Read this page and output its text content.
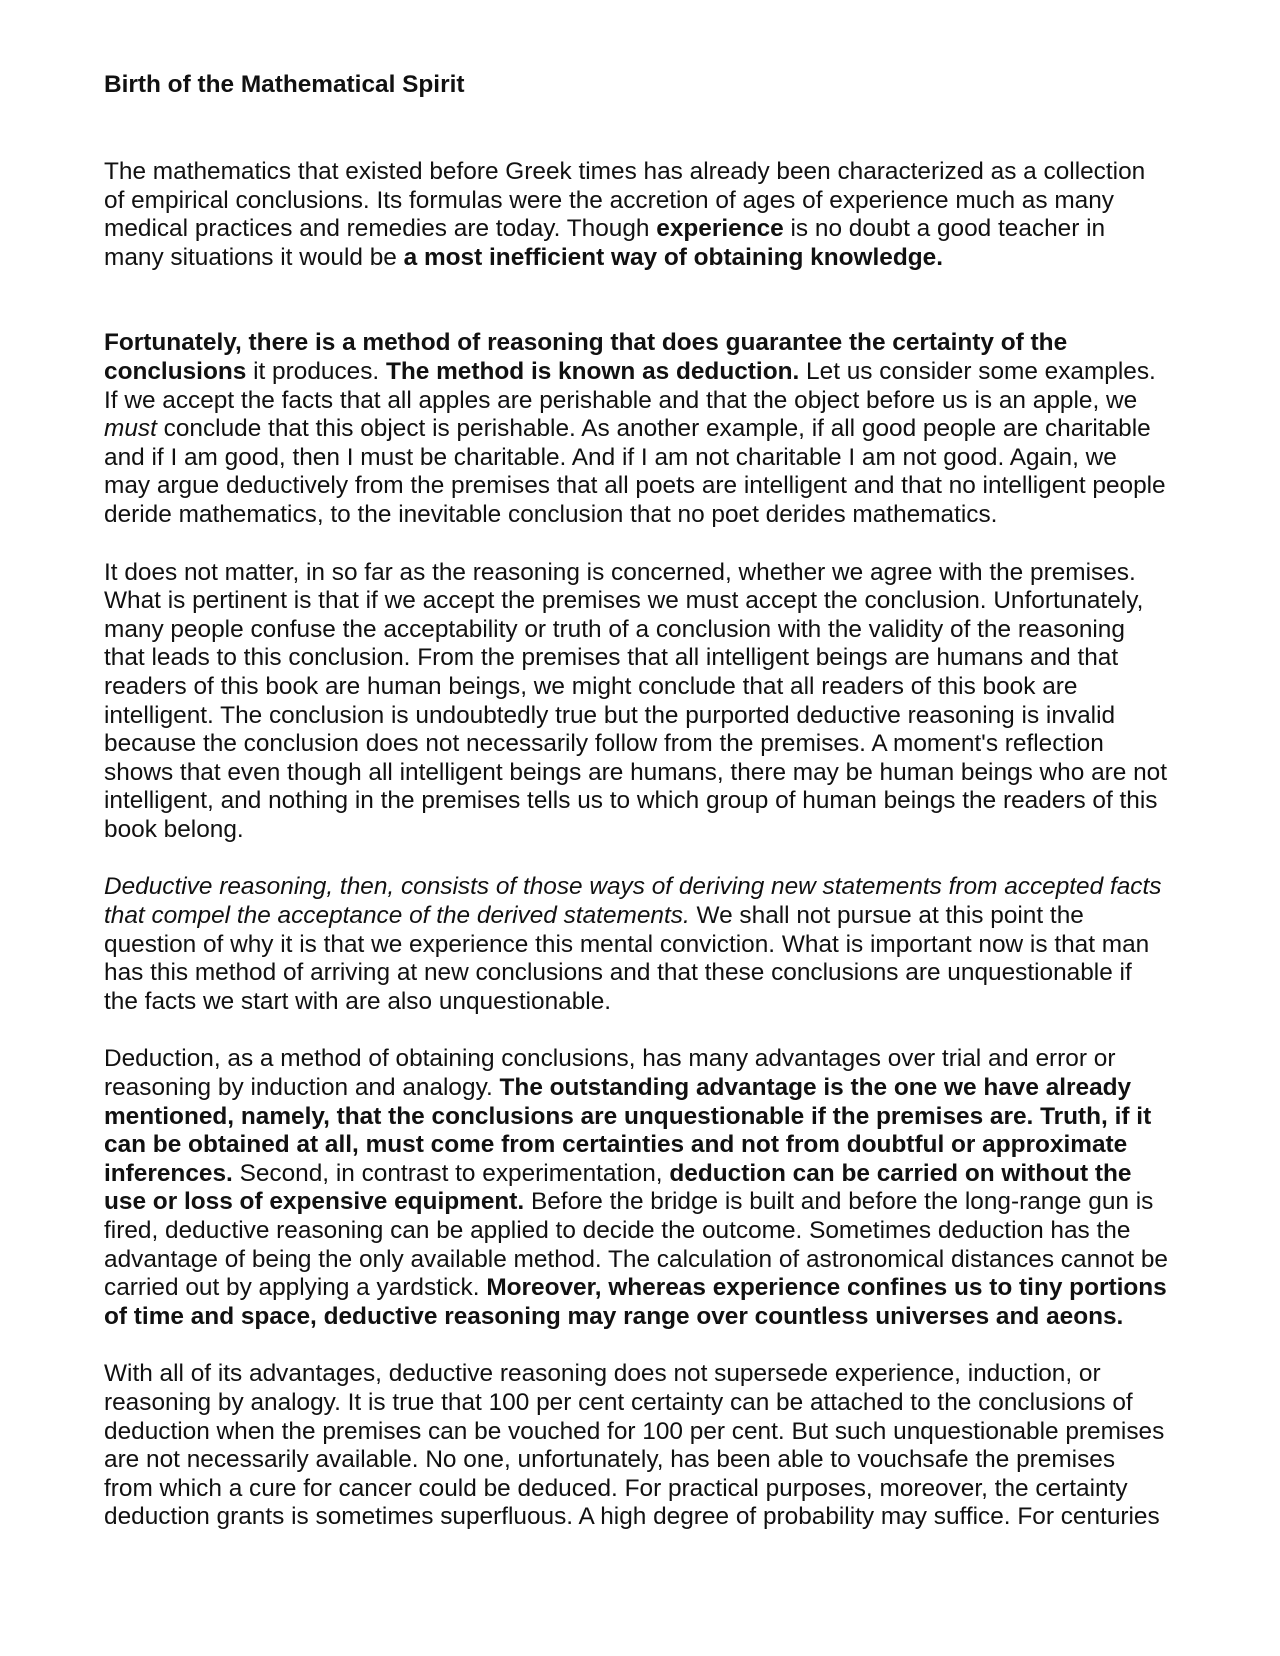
Birth of the Mathematical Spirit
The mathematics that existed before Greek times has already been characterized as a collection
of empirical conclusions. Its formulas were the accretion of ages of experience much as many
medical practices and remedies are today. Though experience is no doubt a good teacher in
many situations it would be a most inefficient way of obtaining knowledge.
Fortunately, there is a method of reasoning that does guarantee the certainty of the
conclusions it produces. The method is known as deduction. Let us consider some examples.
If we accept the facts that all apples are perishable and that the object before us is an apple, we
must conclude that this object is perishable. As another example, if all good people are charitable
and if I am good, then I must be charitable. And if I am not charitable I am not good. Again, we
may argue deductively from the premises that all poets are intelligent and that no intelligent people
deride mathematics, to the inevitable conclusion that no poet derides mathematics.
It does not matter, in so far as the reasoning is concerned, whether we agree with the premises.
What is pertinent is that if we accept the premises we must accept the conclusion. Unfortunately,
many people confuse the acceptability or truth of a conclusion with the validity of the reasoning
that leads to this conclusion. From the premises that all intelligent beings are humans and that
readers of this book are human beings, we might conclude that all readers of this book are
intelligent. The conclusion is undoubtedly true but the purported deductive reasoning is invalid
because the conclusion does not necessarily follow from the premises. A moment's reflection
shows that even though all intelligent beings are humans, there may be human beings who are not
intelligent, and nothing in the premises tells us to which group of human beings the readers of this
book belong.
Deductive reasoning, then, consists of those ways of deriving new statements from accepted facts
that compel the acceptance of the derived statements. We shall not pursue at this point the
question of why it is that we experience this mental conviction. What is important now is that man
has this method of arriving at new conclusions and that these conclusions are unquestionable if
the facts we start with are also unquestionable.
Deduction, as a method of obtaining conclusions, has many advantages over trial and error or
reasoning by induction and analogy. The outstanding advantage is the one we have already
mentioned, namely, that the conclusions are unquestionable if the premises are. Truth, if it
can be obtained at all, must come from certainties and not from doubtful or approximate
inferences. Second, in contrast to experimentation, deduction can be carried on without the
use or loss of expensive equipment. Before the bridge is built and before the long-range gun is
fired, deductive reasoning can be applied to decide the outcome. Sometimes deduction has the
advantage of being the only available method. The calculation of astronomical distances cannot be
carried out by applying a yardstick. Moreover, whereas experience confines us to tiny portions
of time and space, deductive reasoning may range over countless universes and aeons.
With all of its advantages, deductive reasoning does not supersede experience, induction, or
reasoning by analogy. It is true that 100 per cent certainty can be attached to the conclusions of
deduction when the premises can be vouched for 100 per cent. But such unquestionable premises
are not necessarily available. No one, unfortunately, has been able to vouchsafe the premises
from which a cure for cancer could be deduced. For practical purposes, moreover, the certainty
deduction grants is sometimes superfluous. A high degree of probability may suffice. For centuries
